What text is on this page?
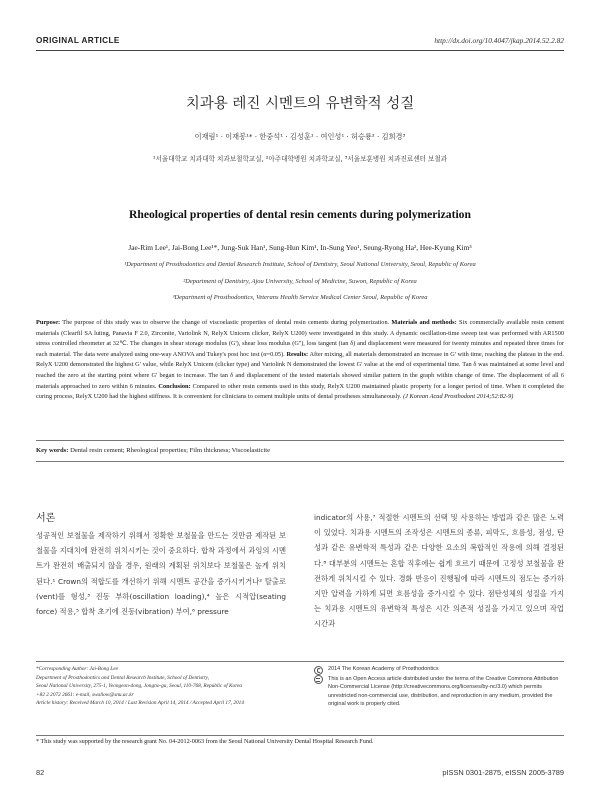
ORIGINAL ARTICLE	http://dx.doi.org/10.4047/jkap.2014.52.2.82
치과용 레진 시멘트의 유변학적 성질
이재림¹ · 이재봉¹* · 한중석¹ · 김성훈¹ · 여인성¹ · 허승룡² · 김희경³
¹서울대학교 치과대학 치과보철학교실, ²아주대학병원 치과학교실, ³서울보훈병원 치과진료센터 보철과
Rheological properties of dental resin cements during polymerization
Jae-Rim Lee¹, Jai-Bong Lee¹*, Jung-Suk Han¹, Sung-Hun Kim¹, In-Sung Yeo¹, Seung-Ryong Ha², Hee-Kyung Kim³
¹Department of Prosthodontics and Dental Research Institute, School of Dentistry, Seoul National University, Seoul, Republic of Korea
²Department of Dentistry, Ajou University, School of Medicine, Suwon, Republic of Korea
³Department of Prosthodontics, Veterans Health Service Medical Center Seoul, Republic of Korea
Purpose: The purpose of this study was to observe the change of viscoelastic properties of dental resin cements during polymerization. Materials and methods: Six commercially available resin cement materials (Clearfil SA luting, Panavia F 2.0, Zirconite, Variolink N, RelyX Unicem clicker, RelyX U200) were investigated in this study. A dynamic oscillation-time sweep test was performed with AR1500 stress controlled rheometer at 32℃. The changes in shear storage modulus (G'), shear loss modulus (G''), loss tangent (tan δ) and displacement were measured for twenty minutes and repeated three times for each material. The data were analyzed using one-way ANOVA and Tukey's post hoc test (α=0.05). Results: After mixing, all materials demonstrated an increase in G' with time, reaching the plateau in the end. RelyX U200 demonstrated the highest G' value, while RelyX Unicem (clicker type) and Variolink N demonstrated the lowest G' value at the end of experimental time. Tan δ was maintained at some level and reached the zero at the starting point where G' began to increase. The tan δ and displacement of the tested materials showed similar pattern in the graph within change of time. The displacement of all 6 materials approached to zero within 6 minutes. Conclusion: Compared to other resin cements used in this study, RelyX U200 maintained plastic property for a longer period of time. When it completed the curing process, RelyX U200 had the highest stiffness. It is convenient for clinicians to cement multiple units of dental prostheses simultaneously. (J Korean Acad Prosthodont 2014;52:82-9)
Key words: Dental resin cement; Rheological properties; Film thickness; Viscoelasticite
서론
성공적인 보철물을 제작하기 위해서 정확한 보철물을 만드는 것만큼 제작된 보철물을 지대치에 완전히 위치시키는 것이 중요하다. 합착 과정에서 과잉의 시멘트가 완전히 배출되지 않을 경우, 원래의 계획된 위치보다 보철물은 높게 위치된다.¹ Crown의 적합도를 개선하기 위해 시멘트 공간을 증가시키거나² 탈출로(vent)를 형성,³ 진동 부하(oscillation loading),⁴ 높은 시적압(seating force) 적용,⁵ 합착 초기에 진동(vibration) 부여,⁶ pressure
indicator의 사용,⁷ 적절한 시멘트의 선택 및 사용하는 방법과 같은 많은 노력이 있었다. 치과용 시멘트의 조작성은 시멘트의 종류, 피막도, 흐름성, 점성, 탄성과 같은 유변학적 특성과 같은 다양한 요소의 복합적인 작용에 의해 결정된다.⁸ 대부분의 시멘트는 혼합 직후에는 쉽게 흐르기 때문에 고정성 보철물을 완전하게 위치시킬 수 있다. 경화 반응이 진행될에 따라 시멘트의 점도는 증가하지만 압력을 가하게 되면 흐름성을 증가시킬 수 있다. 점탄성체의 성질을 가지는 치과용 시멘트의 유변학적 특성은 시간 의존적 성질을 가지고 있으며 작업 시간과
*Corresponding Author: Jai-Bong Lee
Department of Prosthodontics and Dental Research Institute, School of Dentistry,
Seoul National University, 275-1, Yeongeon-dong, Jongno-gu, Seoul, 110-768, Republic of Korea
+82 2 2072 2661: e-mail, swallow@snu.ac.kr
Article history: Received March 10, 2014 / Last Revision April 14, 2014 / Accepted April 17, 2014
2014 The Korean Academy of Prosthodontics
This is an Open Access article distributed under the terms of the Creative Commons Attribution Non-Commercial License (http://creativecommons.org/licenses/by-nc/3.0) which permits unrestricted non-commercial use, distribution, and reproduction in any medium, provided the original work is properly cited.
* This study was supported by the research grant No. 04-2012-0063 from the Seoul National University Dental Hospital Research Fund.
82	pISSN 0301-2875, eISSN 2005-3789
